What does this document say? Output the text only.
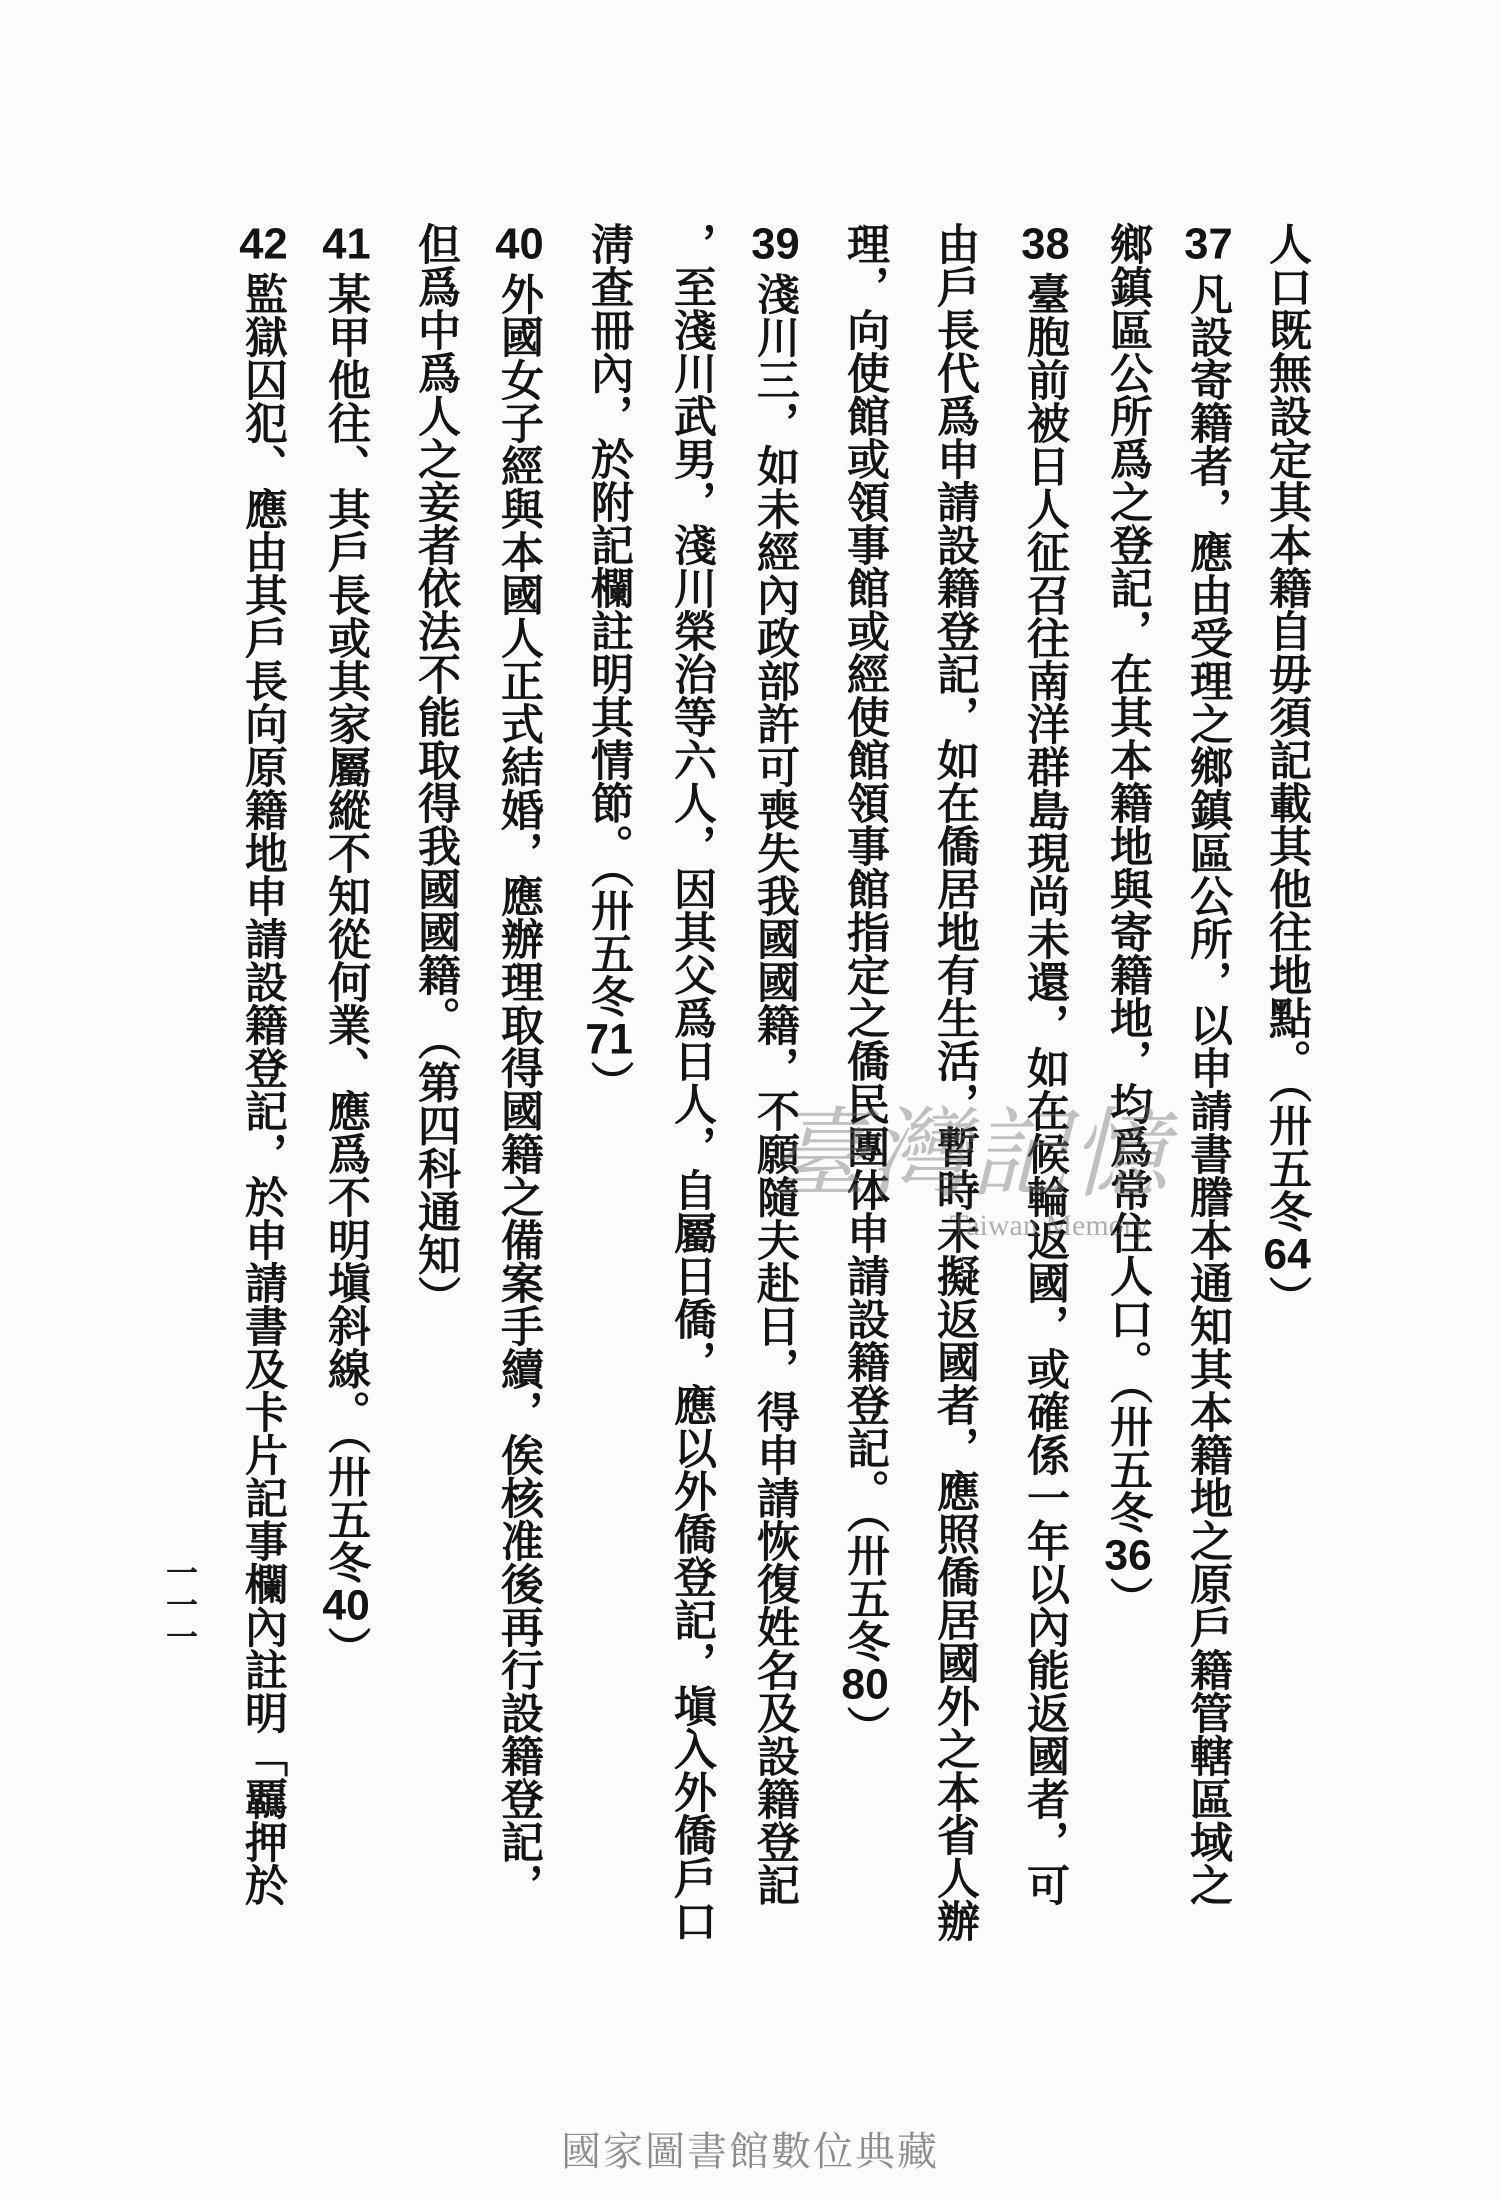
人口既無設定其本籍自毋須記載其他往地點。（卅五冬64）
37凡設寄籍者，應由受理之鄉鎮區公所，以申請書謄本通知其本籍地之原戶籍管轄區域之
鄉鎮區公所爲之登記，在其本籍地與寄籍地，均爲常住人口。（卅五冬36）
38臺胞前被日人征召往南洋群島現尚未還，如在候輪返國，或確係一年以內能返國者，可
由戶長代爲申請設籍登記，如在僑居地有生活，暫時未擬返國者，應照僑居國外之本省人辦
理，向使館或領事館或經使館領事館指定之僑民團体申請設籍登記。（卅五冬80）
39淺川三，如未經內政部許可喪失我國國籍，不願隨夫赴日，得申請恢復姓名及設籍登記
，至淺川武男，淺川榮治等六人，因其父爲日人，自屬日僑，應以外僑登記，塡入外僑戶口
淸查冊內，於附記欄註明其情節。（卅五冬71）
40外國女子經與本國人正式結婚，應辦理取得國籍之備案手續，俟核准後再行設籍登記，
但爲中爲人之妾者依法不能取得我國國籍。（第四科通知）
41某甲他往、其戶長或其家屬縱不知從何業、應爲不明塡斜線。（卅五冬40）
42監獄囚犯、應由其戶長向原籍地申請設籍登記，於申請書及卡片記事欄內註明「覊押於
一一一
臺灣記憶
Taiwan Memory
國家圖書館數位典藏
